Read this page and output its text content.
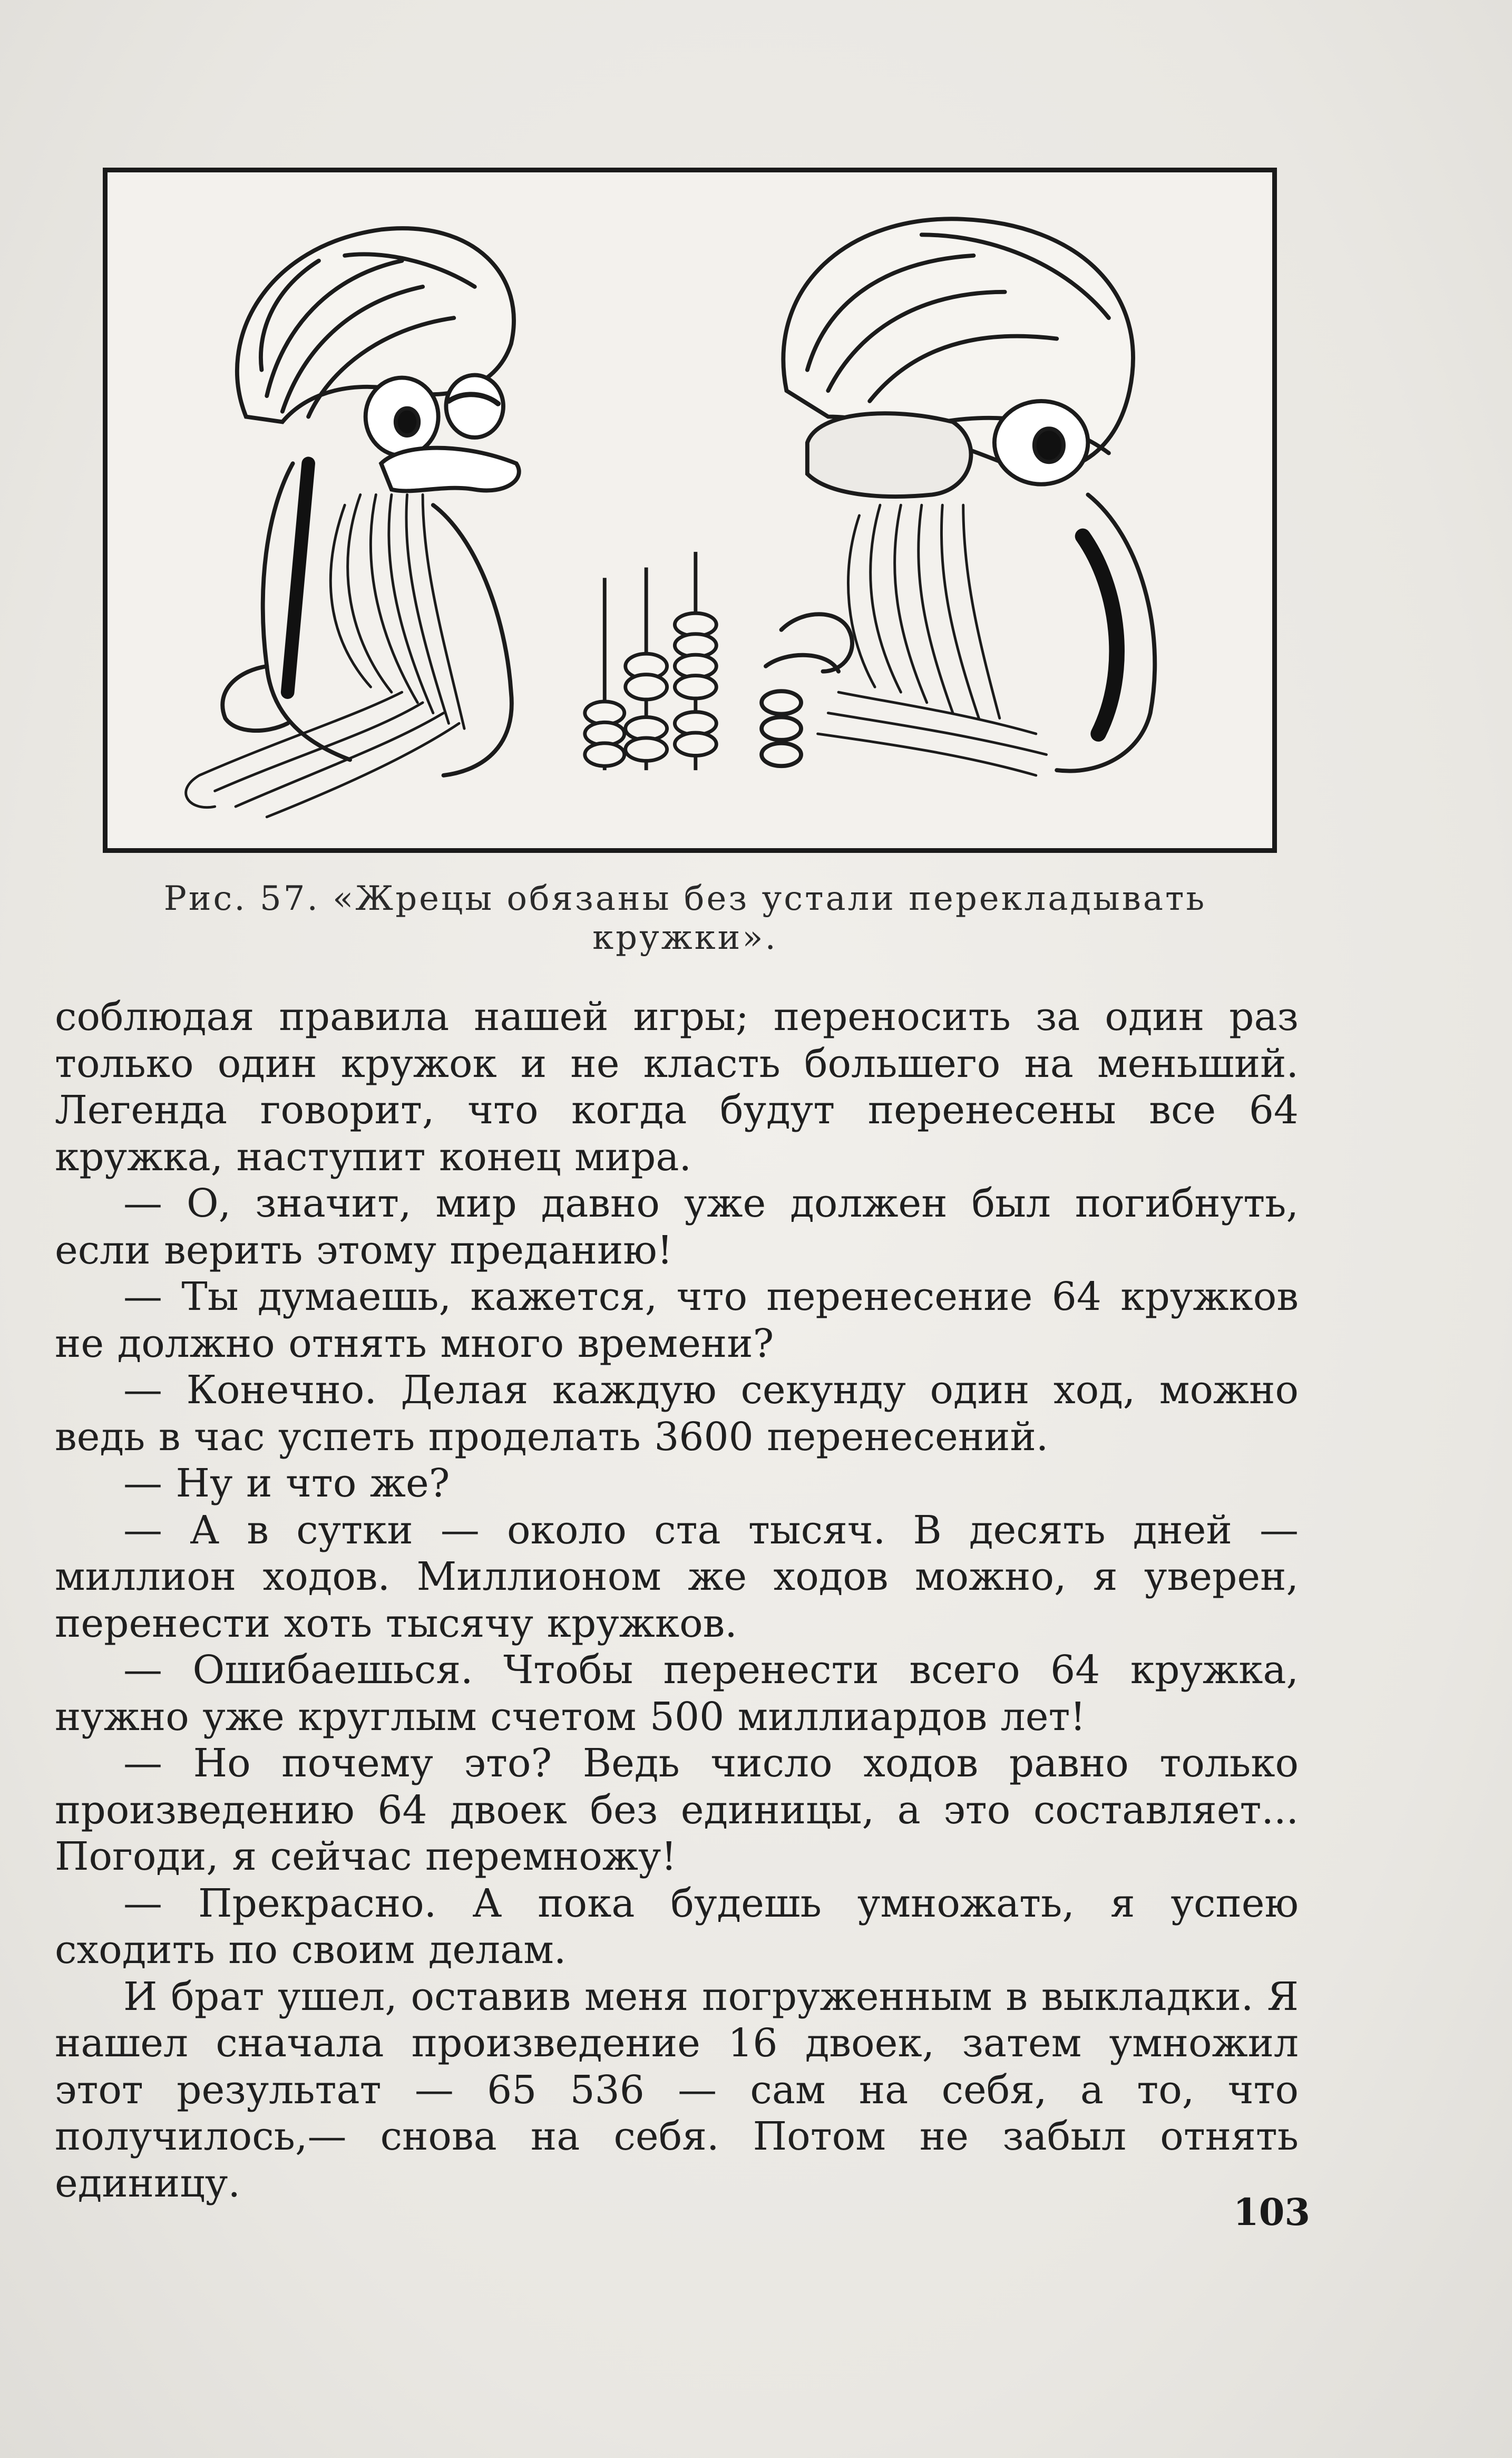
Рис. 57. «Жрецы обязаны без устали перекладывать кружки».

соблюдая правила нашей игры; переносить за один раз только один кружок и не класть большего на меньший. Легенда говорит, что когда будут перенесены все 64 кружка, наступит конец мира.

— О, значит, мир давно уже должен был погибнуть, если верить этому преданию!

— Ты думаешь, кажется, что перенесение 64 кружков не должно отнять много времени?

— Конечно. Делая каждую секунду один ход, можно ведь в час успеть проделать 3600 перенесений.

— Ну и что же?

— А в сутки — около ста тысяч. В десять дней — миллион ходов. Миллионом же ходов можно, я уверен, перенести хоть тысячу кружков.

— Ошибаешься. Чтобы перенести всего 64 кружка, нужно уже круглым счетом 500 миллиардов лет!

— Но почему это? Ведь число ходов равно только произведению 64 двоек без единицы, а это составляет... Погоди, я сейчас перемножу!

— Прекрасно. А пока будешь умножать, я успею сходить по своим делам.

И брат ушел, оставив меня погруженным в выкладки. Я нашел сначала произведение 16 двоек, затем умножил этот результат — 65 536 — сам на себя, а то, что получилось,— снова на себя. Потом не забыл отнять единицу.

103
